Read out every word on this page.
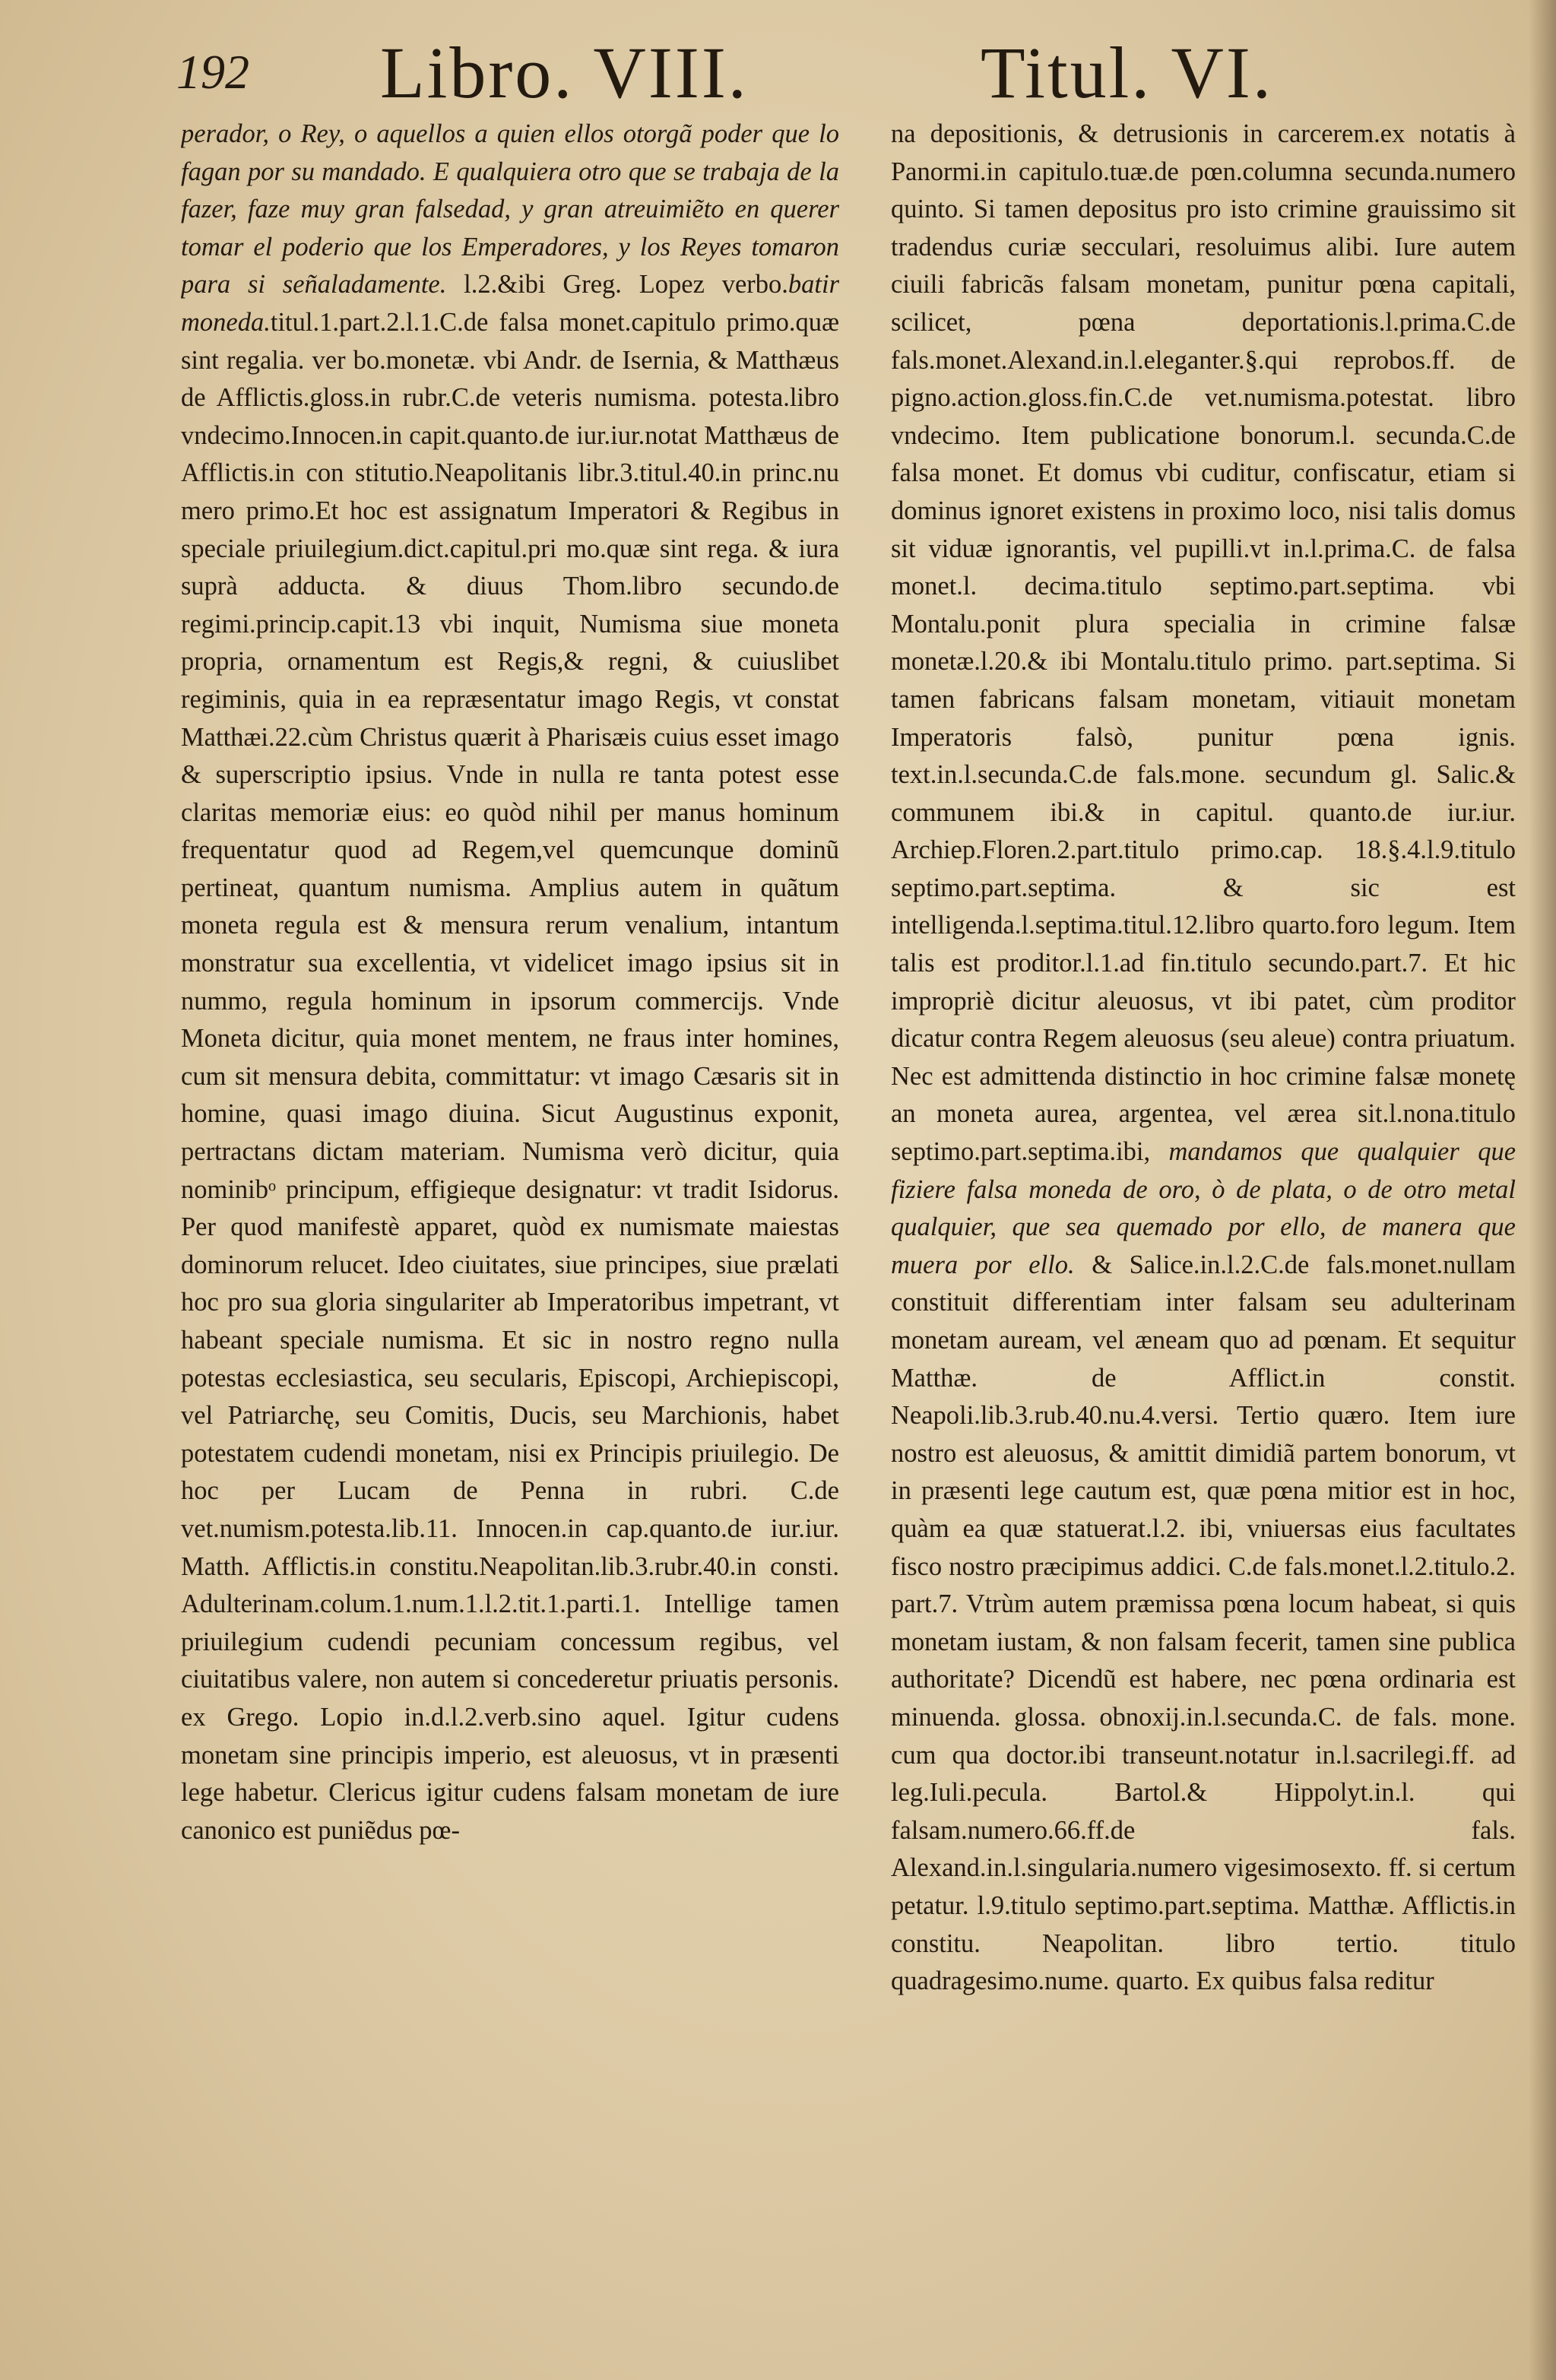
192 Libro. VIII.	Titul. VI.

perador, o Rey, o aquellos a quien ellos otorgã poder que lo fagan por su mandado. E qualquiera otro que se trabaja de la fazer, faze muy gran falsedad, y gran atreuimiẽto en querer tomar el poderio que los Emperadores, y los Reyes tomaron para si señaladamente. l.2.&ibi Greg. Lopez verbo.batir moneda.titul.1.part.2.l.1.C.de falsa monet.capitulo primo.quæ sint regalia. ver bo.monetæ. vbi Andr. de Isernia, & Matthæus de Afflictis.gloss.in rubr.C.de veteris numisma. potesta.libro vndecimo.Innocen.in capit.quanto.de iur.iur.notat Matthæus de Afflictis.in con stitutio.Neapolitanis libr.3.titul.40.in princ.nu mero primo.Et hoc est assignatum Imperatori & Regibus in speciale priuilegium.dict.capitul.pri mo.quæ sint rega. & iura suprà adducta. & diuus Thom.libro secundo.de regimi.princip.capit.13 vbi inquit, Numisma siue moneta propria, ornamentum est Regis,& regni, & cuiuslibet regiminis, quia in ea repræsentatur imago Regis, vt constat Matthæi.22.cùm Christus quærit à Pharisæis cuius esset imago & superscriptio ipsius. Vnde in nulla re tanta potest esse claritas memoriæ eius: eo quòd nihil per manus hominum frequentatur quod ad Regem,vel quemcunque dominũ pertineat, quantum numisma. Amplius autem in quãtum moneta regula est & mensura rerum venalium, intantum monstratur sua excellentia, vt videlicet imago ipsius sit in nummo, regula hominum in ipsorum commercijs. Vnde Moneta dicitur, quia monet mentem, ne fraus inter homines, cum sit mensura debita, committatur: vt imago Cæsaris sit in homine, quasi imago diuina. Sicut Augustinus exponit, pertractans dictam materiam. Numisma verò dicitur, quia nominibᵒ principum, effigieque designatur: vt tradit Isidorus. Per quod manifestè apparet, quòd ex numismate maiestas dominorum relucet. Ideo ciuitates, siue principes, siue prælati hoc pro sua gloria singulariter ab Imperatoribus impetrant, vt habeant speciale numisma. Et sic in nostro regno nulla potestas ecclesiastica, seu secularis, Episcopi, Archiepiscopi, vel Patriarchę, seu Comitis, Ducis, seu Marchionis, habet potestatem cudendi monetam, nisi ex Principis priuilegio. De hoc per Lucam de Penna in rubri. C.de vet.numism.potesta.lib.11. Innocen.in cap.quanto.de iur.iur. Matth. Afflictis.in constitu.Neapolitan.lib.3.rubr.40.in consti. Adulterinam.colum.1.num.1.l.2.tit.1.parti.1. Intellige tamen priuilegium cudendi pecuniam concessum regibus, vel ciuitatibus valere, non autem si concederetur priuatis personis. ex Grego. Lopio in.d.l.2.verb.sino aquel. Igitur cudens monetam sine principis imperio, est aleuosus, vt in præsenti lege habetur. Clericus igitur cudens falsam monetam de iure canonico est puniẽdus pœ-

na depositionis, & detrusionis in carcerem.ex notatis à Panormi.in capitulo.tuæ.de pœn.columna secunda.numero quinto. Si tamen depositus pro isto crimine grauissimo sit tradendus curiæ secculari, resoluimus alibi. Iure autem ciuili fabricãs falsam monetam, punitur pœna capitali, scilicet, pœna deportationis.l.prima.C.de fals.monet.Alexand.in.l.eleganter.§.qui reprobos.ff. de pigno.action.gloss.fin.C.de vet.numisma.potestat. libro vndecimo. Item publicatione bonorum.l. secunda.C.de falsa monet. Et domus vbi cuditur, confiscatur, etiam si dominus ignoret existens in proximo loco, nisi talis domus sit viduæ ignorantis, vel pupilli.vt in.l.prima.C. de falsa monet.l. decima.titulo septimo.part.septima. vbi Montalu.ponit plura specialia in crimine falsæ monetæ.l.20.& ibi Montalu.titulo primo. part.septima. Si tamen fabricans falsam monetam, vitiauit monetam Imperatoris falsò, punitur pœna ignis. text.in.l.secunda.C.de fals.mone. secundum gl. Salic.& communem ibi.& in capitul. quanto.de iur.iur. Archiep.Floren.2.part.titulo primo.cap. 18.§.4.l.9.titulo septimo.part.septima. & sic est intelligenda.l.septima.titul.12.libro quarto.foro legum. Item talis est proditor.l.1.ad fin.titulo secundo.part.7. Et hic impropriè dicitur aleuosus, vt ibi patet, cùm proditor dicatur contra Regem aleuosus (seu aleue) contra priuatum. Nec est admittenda distinctio in hoc crimine falsæ monetę an moneta aurea, argentea, vel ærea sit.l.nona.titulo septimo.part.septima.ibi, mandamos que qualquier que fiziere falsa moneda de oro, ò de plata, o de otro metal qualquier, que sea quemado por ello, de manera que muera por ello. & Salice.in.l.2.C.de fals.monet.nullam constituit differentiam inter falsam seu adulterinam monetam auream, vel æneam quo ad pœnam. Et sequitur Matthæ. de Afflict.in constit. Neapoli.lib.3.rub.40.nu.4.versi. Tertio quæro. Item iure nostro est aleuosus, & amittit dimidiã partem bonorum, vt in præsenti lege cautum est, quæ pœna mitior est in hoc, quàm ea quæ statuerat.l.2. ibi, vniuersas eius facultates fisco nostro præcipimus addici. C.de fals.monet.l.2.titulo.2. part.7. Vtrùm autem præmissa pœna locum habeat, si quis monetam iustam, & non falsam fecerit, tamen sine publica authoritate? Dicendũ est habere, nec pœna ordinaria est minuenda. glossa. obnoxij.in.l.secunda.C. de fals. mone. cum qua doctor.ibi transeunt.notatur in.l.sacrilegi.ff. ad leg.Iuli.pecula. Bartol.& Hippolyt.in.l. qui falsam.numero.66.ff.de fals. Alexand.in.l.singularia.numero vigesimosexto. ff. si certum petatur. l.9.titulo septimo.part.septima. Matthæ. Afflictis.in constitu. Neapolitan. libro tertio. titulo quadragesimo.nume. quarto. Ex quibus falsa reditur
